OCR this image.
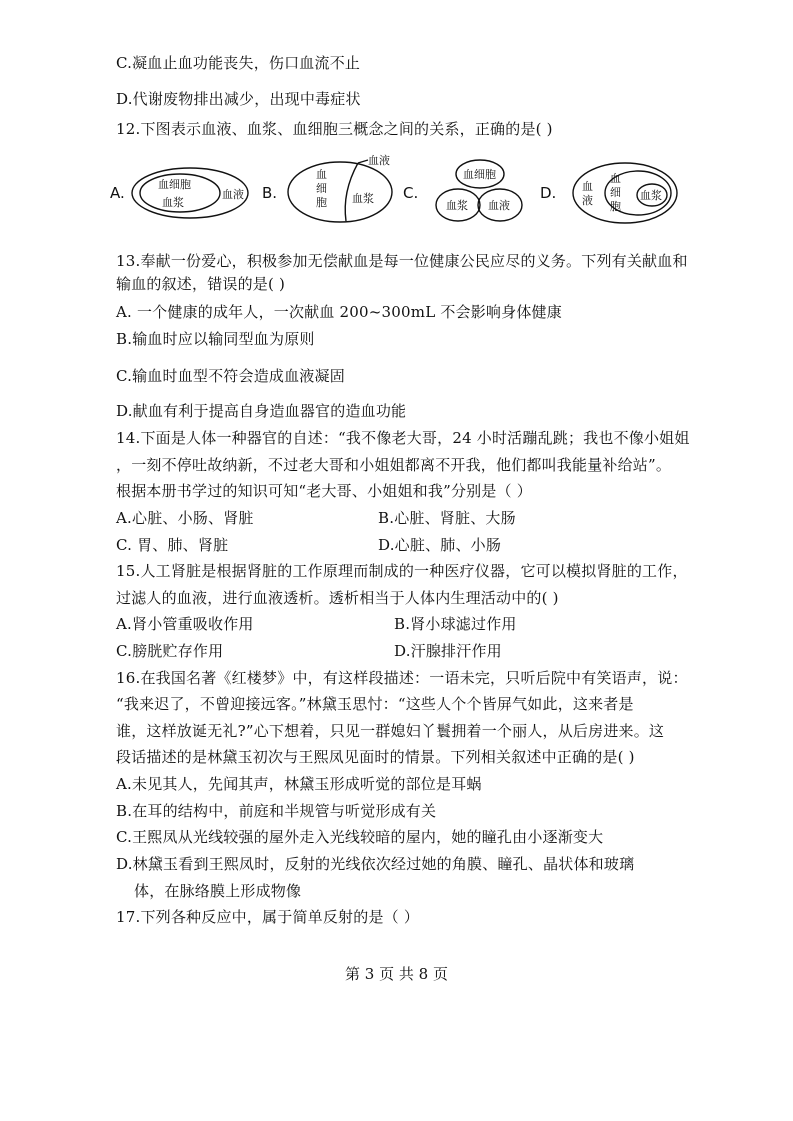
C.凝血止血功能丧失，伤口血流不止
D.代谢废物排出减少，出现中毒症状
12.下图表示血液、血浆、血细胞三概念之间的关系，正确的是( )
A.	血细胞
血浆
血液 B.
血
细
胞 血浆
血液
C.
血细胞
血浆 血液
D. 血
液
血
细
胞
血浆
13.奉献一份爱心，积极参加无偿献血是每一位健康公民应尽的义务。下列有关献血和
输血的叙述，错误的是( )
A. 一个健康的成年人，一次献血 200~300mL 不会影响身体健康
B.输血时应以输同型血为原则
C.输血时血型不符会造成血液凝固
D.献血有利于提高自身造血器官的造血功能
14.下面是人体一种器官的自述：“我不像老大哥，24 小时活蹦乱跳；我也不像小姐姐
，一刻不停吐故纳新，不过老大哥和小姐姐都离不开我，他们都叫我能量补给站”。
根据本册书学过的知识可知“老大哥、小姐姐和我”分别是（ ）
A.心脏、小肠、肾脏	B.心脏、肾脏、大肠
C. 胃、肺、肾脏	D.心脏、肺、小肠
15.人工肾脏是根据肾脏的工作原理而制成的一种医疗仪器，它可以模拟肾脏的工作，
过滤人的血液，进行血液透析。透析相当于人体内生理活动中的( )
A.肾小管重吸收作用	B.肾小球滤过作用
C.膀胱贮存作用	D.汗腺排汗作用
16.在我国名著《红楼梦》中，有这样段描述：一语未完，只听后院中有笑语声，说：
“我来迟了，不曾迎接远客。”林黛玉思忖：“这些人个个皆屏气如此，这来者是
谁，这样放诞无礼?”心下想着，只见一群媳妇丫鬟拥着一个丽人，从后房进来。这
段话描述的是林黛玉初次与王熙凤见面时的情景。下列相关叙述中正确的是( )
A.未见其人，先闻其声，林黛玉形成听觉的部位是耳蜗
B.在耳的结构中，前庭和半规管与听觉形成有关
C.王熙凤从光线较强的屋外走入光线较暗的屋内，她的瞳孔由小逐渐变大
D.林黛玉看到王熙凤时，反射的光线依次经过她的角膜、瞳孔、晶状体和玻璃
体，在脉络膜上形成物像
17.下列各种反应中，属于简单反射的是（ ）
第 3 页 共 8 页
